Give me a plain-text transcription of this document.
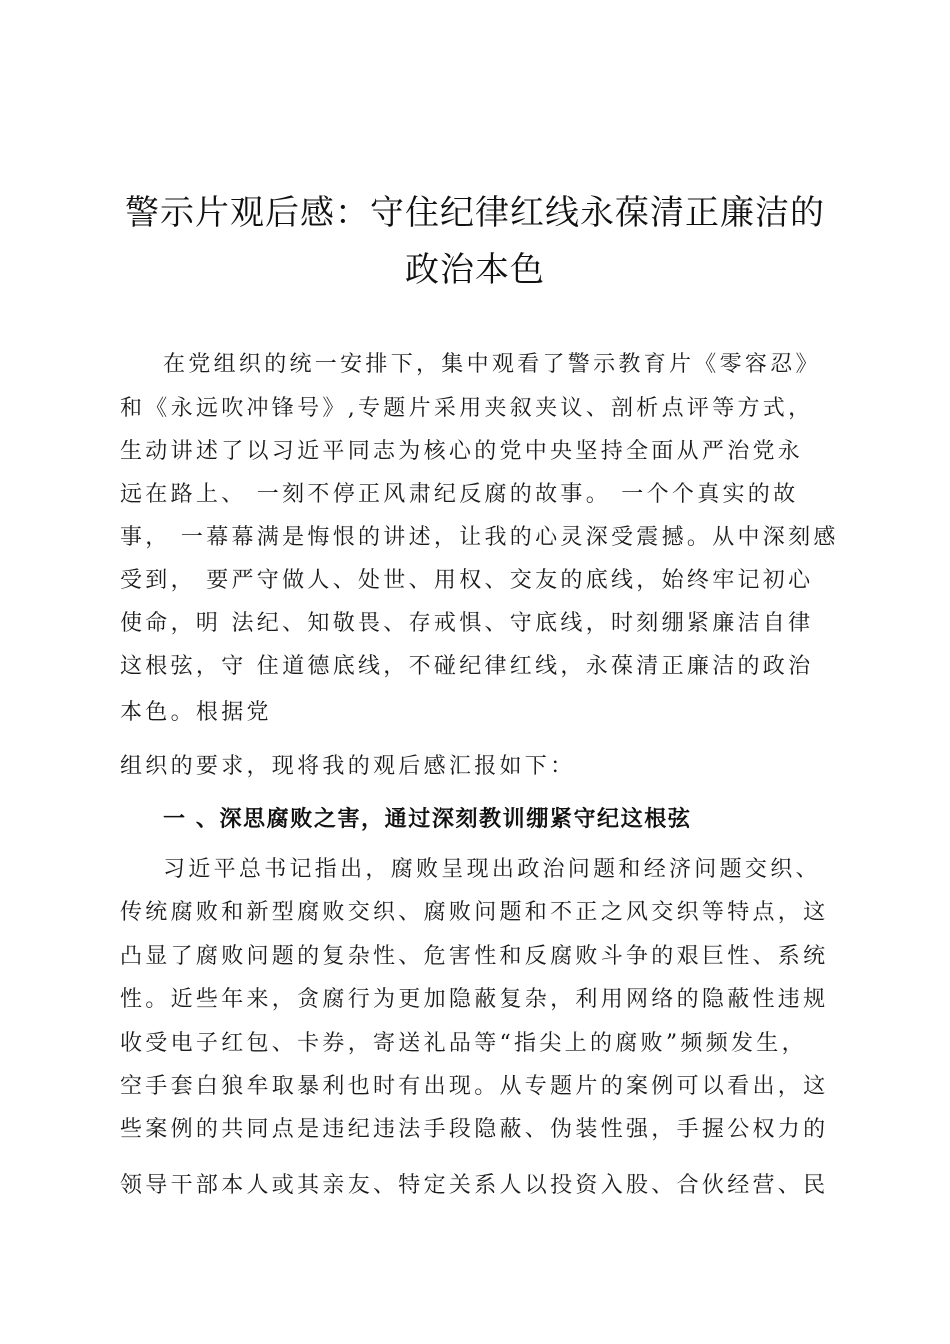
警示片观后感：守住纪律红线永葆清正廉洁的
政治本色
在党组织的统一安排下，集中观看了警示教育片《零容忍》
和《永远吹冲锋号》,专题片采用夹叙夹议、剖析点评等方式，
生动讲述了以习近平同志为核心的党中央坚持全面从严治党永
远在路上、 一刻不停正风肃纪反腐的故事。 一个个真实的故
事， 一幕幕满是悔恨的讲述，让我的心灵深受震撼。从中深刻感
受到， 要严守做人、处世、用权、交友的底线，始终牢记初心
使命，明 法纪、知敬畏、存戒惧、守底线，时刻绷紧廉洁自律
这根弦，守 住道德底线，不碰纪律红线，永葆清正廉洁的政治
本色。根据党
组织的要求，现将我的观后感汇报如下：
一 、深思腐败之害，通过深刻教训绷紧守纪这根弦
习近平总书记指出，腐败呈现出政治问题和经济问题交织、
传统腐败和新型腐败交织、腐败问题和不正之风交织等特点，这
凸显了腐败问题的复杂性、危害性和反腐败斗争的艰巨性、系统
性。近些年来，贪腐行为更加隐蔽复杂，利用网络的隐蔽性违规
收受电子红包、卡券，寄送礼品等“指尖上的腐败”频频发生，
空手套白狼牟取暴利也时有出现。从专题片的案例可以看出，这
些案例的共同点是违纪违法手段隐蔽、伪装性强，手握公权力的
领导干部本人或其亲友、特定关系人以投资入股、合伙经营、民
